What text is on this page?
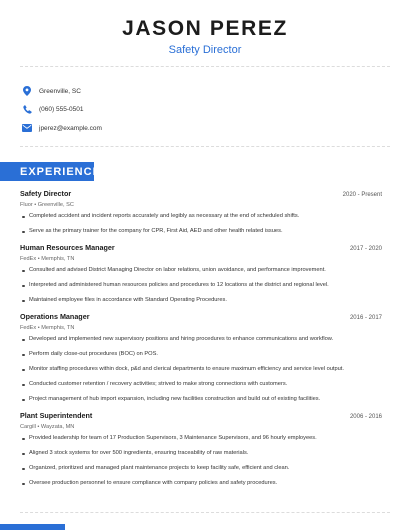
JASON PEREZ
Safety Director
Greenville, SC
(060) 555-0501
jperez@example.com
EXPERIENCE
Safety Director	2020 - Present
Fluor • Greenville, SC
Completed accident and incident reports accurately and legibly as necessary at the end of scheduled shifts.
Serve as the primary trainer for the company for CPR, First Aid, AED and other health related issues.
Human Resources Manager	2017 - 2020
FedEx • Memphis, TN
Consulted and advised District Managing Director on labor relations, union avoidance, and performance improvement.
Interpreted and administered human resources policies and procedures to 12 locations at the district and regional level.
Maintained employee files in accordance with Standard Operating Procedures.
Operations Manager	2016 - 2017
FedEx • Memphis, TN
Developed and implemented new supervisory positions and hiring procedures to enhance communications and workflow.
Perform daily close-out procedures (BOC) on POS.
Monitor staffing procedures within dock, p&d and clerical departments to ensure maximum efficiency and service level output.
Conducted customer retention / recovery activities; strived to make strong connections with customers.
Project management of hub import expansion, including new facilities construction and build out of existing facilities.
Plant Superintendent	2006 - 2016
Cargill • Wayzata, MN
Provided leadership for team of 17 Production Supervisors, 3 Maintenance Supervisors, and 96 hourly employees.
Aligned 3 stock systems for over 500 ingredients, ensuring traceability of raw materials.
Organized, prioritized and managed plant maintenance projects to keep facility safe, efficient and clean.
Oversee production personnel to ensure compliance with company policies and safety procedures.
